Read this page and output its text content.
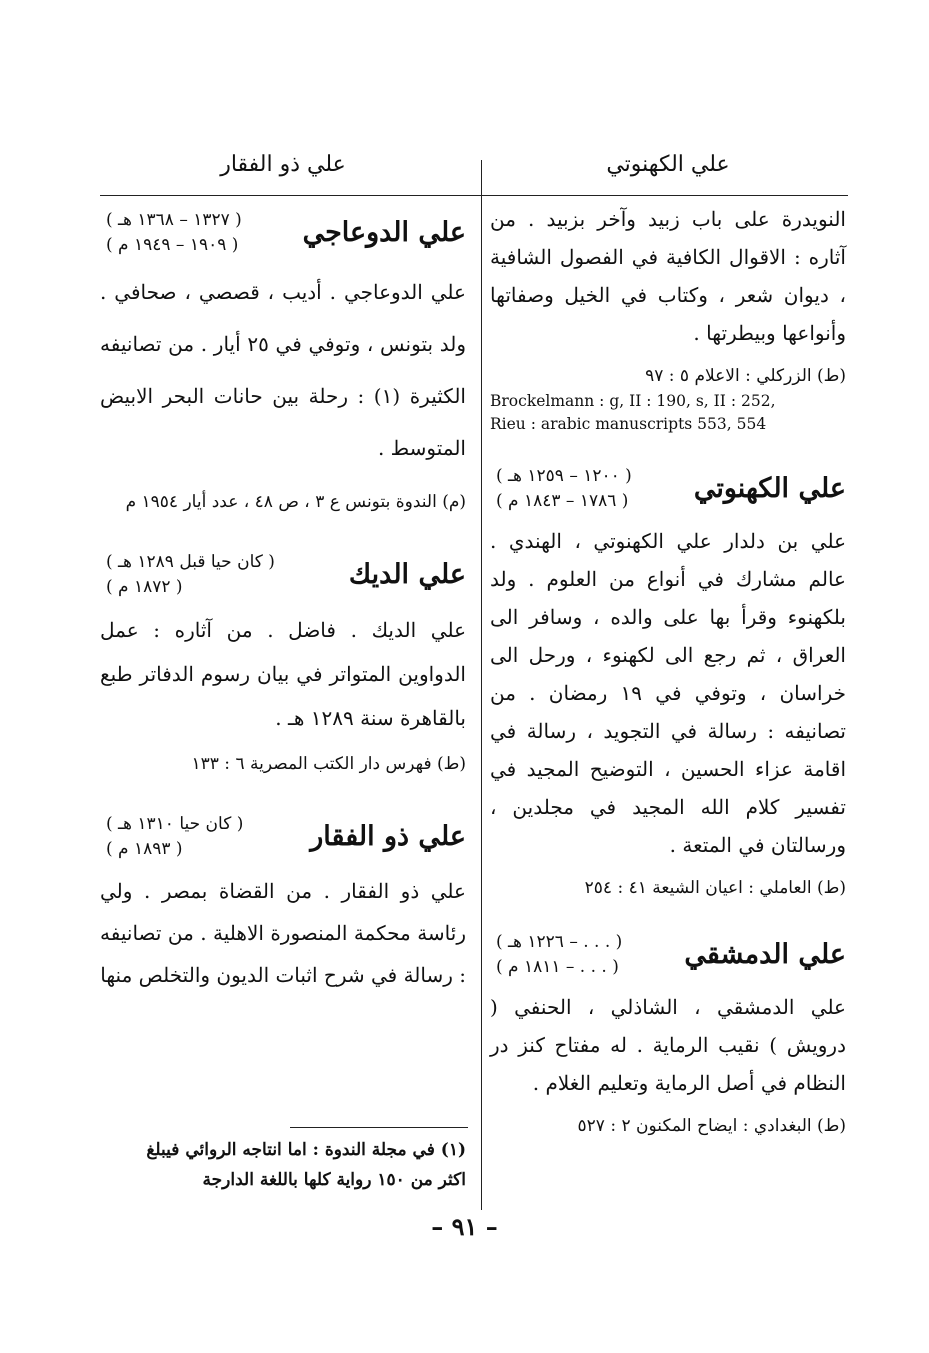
علي الكهنوتي
علي ذو الفقار

النويدرة على باب زبيد وآخر بزبيد . من آثاره : الاقوال الكافية في الفصول الشافية ، ديوان شعر ، وكتاب في الخيل وصفاتها وأنواعها وبيطرتها .

(ط) الزركلي : الاعلام ٥ : ٩٧

Brockelmann : g, II : 190, s, II : 252,
Rieu : arabic manuscripts 553, 554
علي الكهنوتي
( ١٢٠٠ – ١٢٥٩ هـ )
( ١٧٨٦ – ١٨٤٣ م )

علي بن دلدار علي الكهنوتي ، الهندي . عالم مشارك في أنواع من العلوم . ولد بلكهنوء وقرأ بها على والده ، وسافر الى العراق ، ثم رجع الى لكهنوء ، ورحل الى خراسان ، وتوفي في ١٩ رمضان . من تصانيفه : رسالة في التجويد ، رسالة في اقامة عزاء الحسين ، التوضيح المجيد في تفسير كلام الله المجيد في مجلدين ، ورسالتان في المتعة .

(ط) العاملي : اعيان الشيعة ٤١ : ٢٥٤

علي الدمشقي
( . . . – ١٢٢٦ هـ )
( . . . – ١٨١١ م )

علي الدمشقي ، الشاذلي ، الحنفي ( درويش ) نقيب الرماية . له مفتاح كنز در النظام في أصل الرماية وتعليم الغلام .

(ط) البغدادي : ايضاح المكنون ٢ : ٥٢٧

علي الدوعاجي
( ١٣٢٧ – ١٣٦٨ هـ )
( ١٩٠٩ – ١٩٤٩ م )

علي الدوعاجي . أديب ، قصصي ، صحافي . ولد بتونس ، وتوفي في ٢٥ أيار . من تصانيفه الكثيرة (١) : رحلة بين حانات البحر الابيض المتوسط .

(م) الندوة بتونس ع ٣ ، ص ٤٨ ، عدد أيار ١٩٥٤ م

علي الديك
( كان حيا قبل ١٢٨٩ هـ )
( ١٨٧٢ م )

علي الديك . فاضل . من آثاره : عمل الدواوين المتواتر في بيان رسوم الدفاتر طبع بالقاهرة سنة ١٢٨٩ هـ .

(ط) فهرس دار الكتب المصرية ٦ : ١٣٣

علي ذو الفقار
( كان حيا ١٣١٠ هـ )
( ١٨٩٣ م )

علي ذو الفقار . من القضاة بمصر . ولي رئاسة محكمة المنصورة الاهلية . من تصانيفه : رسالة في شرح اثبات الديون والتخلص منها

(١) في مجلة الندوة : اما انتاجه الروائي فيبلغ
اكثر من ١٥٠ رواية كلها باللغة الدارجة
– ٩١ –
